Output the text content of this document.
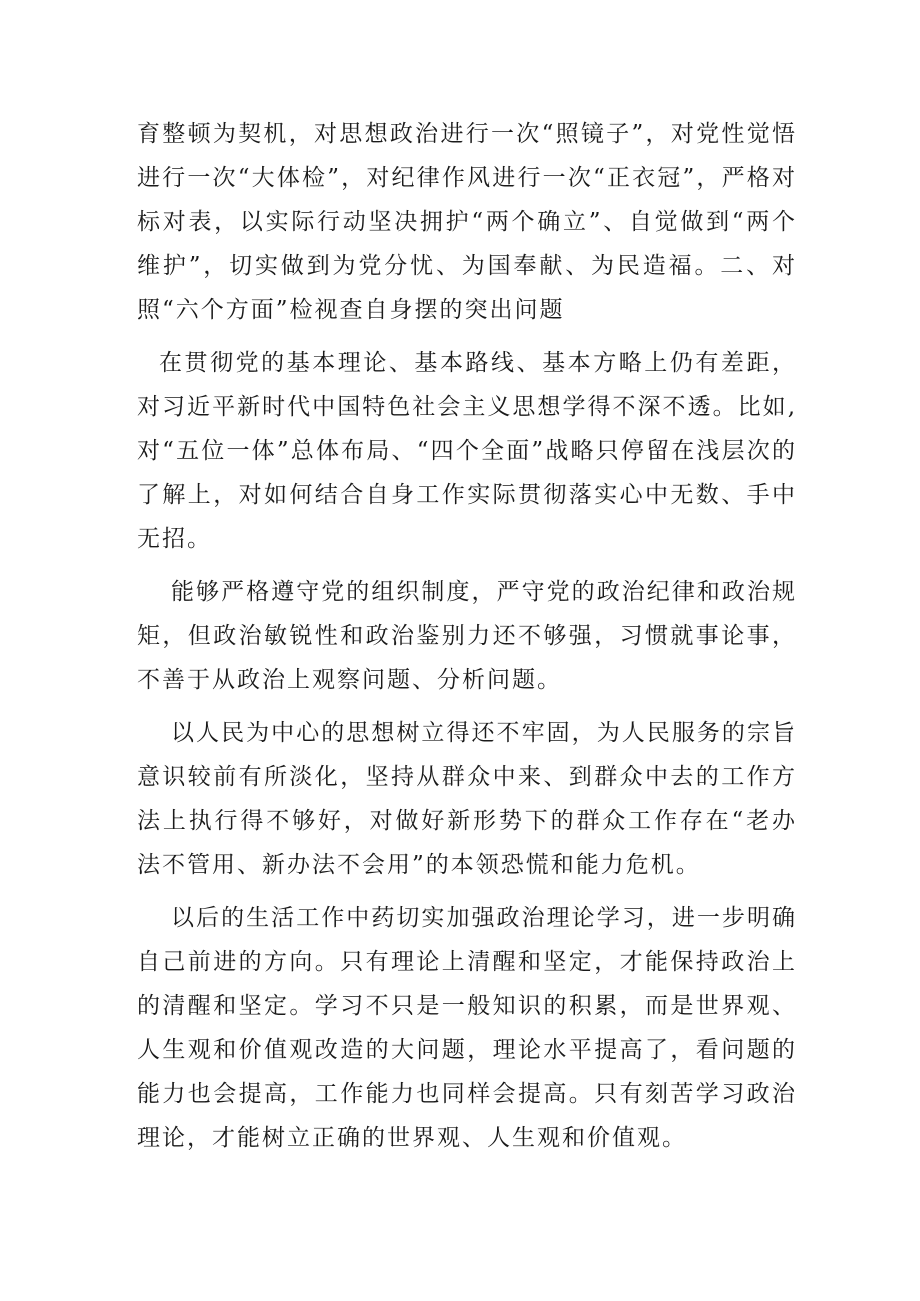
育整顿为契机，对思想政治进行一次“照镜子”，对党性觉悟进行一次“大体检”，对纪律作风进行一次“正衣冠”，严格对标对表，以实际行动坚决拥护“两个确立”、自觉做到“两个维护”，切实做到为党分忧、为国奉献、为民造福。二、对照“六个方面”检视查自身摆的突出问题

在贯彻党的基本理论、基本路线、基本方略上仍有差距，对习近平新时代中国特色社会主义思想学得不深不透。比如,对“五位一体”总体布局、“四个全面”战略只停留在浅层次的了解上，对如何结合自身工作实际贯彻落实心中无数、手中无招。

能够严格遵守党的组织制度，严守党的政治纪律和政治规矩，但政治敏锐性和政治鉴别力还不够强，习惯就事论事，不善于从政治上观察问题、分析问题。

以人民为中心的思想树立得还不牢固，为人民服务的宗旨意识较前有所淡化，坚持从群众中来、到群众中去的工作方法上执行得不够好，对做好新形势下的群众工作存在“老办法不管用、新办法不会用”的本领恐慌和能力危机。

以后的生活工作中药切实加强政治理论学习，进一步明确自己前进的方向。只有理论上清醒和坚定，才能保持政治上的清醒和坚定。学习不只是一般知识的积累，而是世界观、人生观和价值观改造的大问题，理论水平提高了，看问题的能力也会提高，工作能力也同样会提高。只有刻苦学习政治理论，才能树立正确的世界观、人生观和价值观。
